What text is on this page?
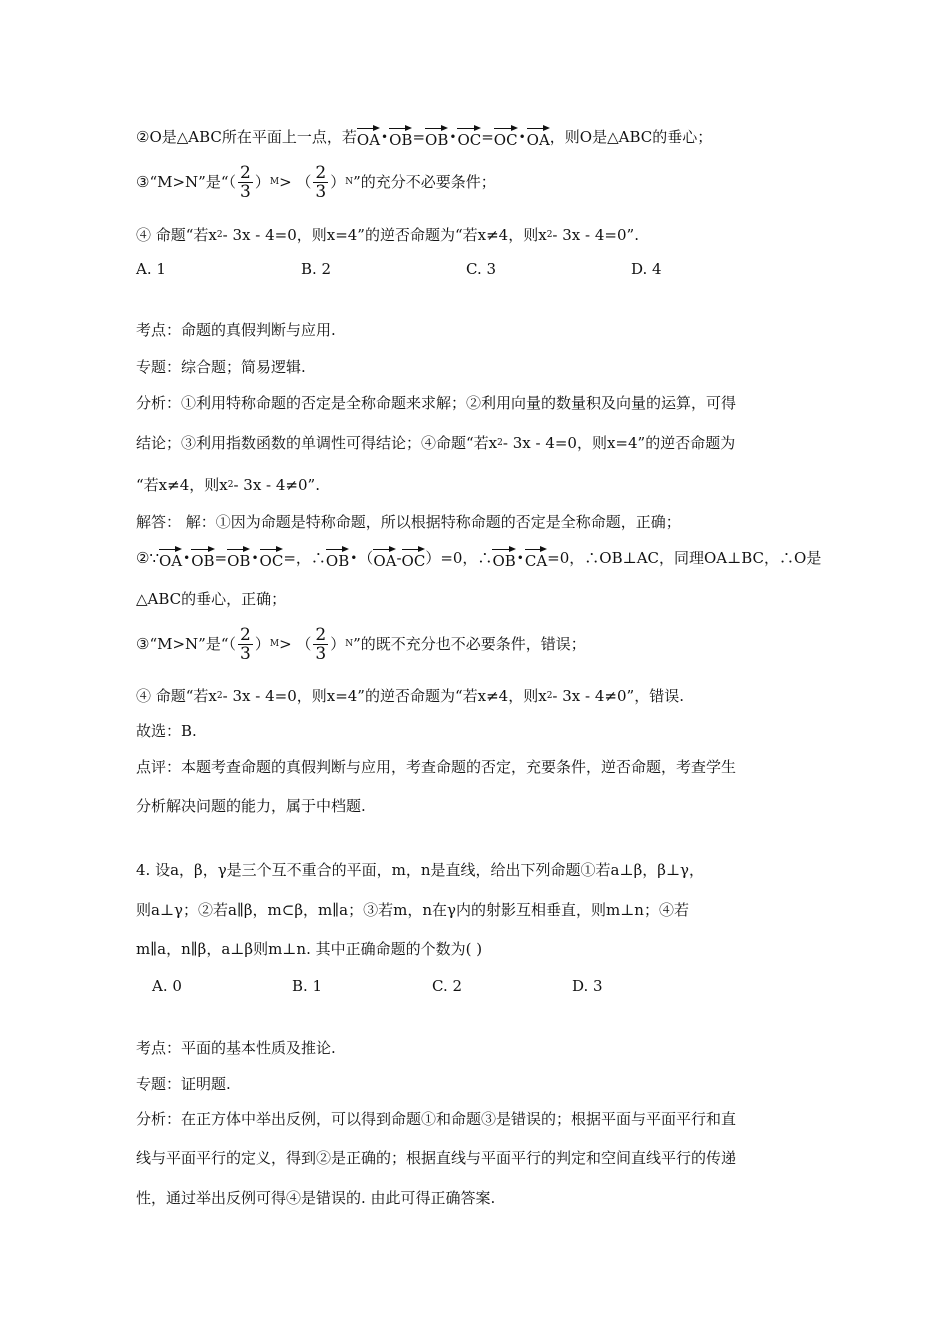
②O是△ABC所在平面上一点，若 OA • OB = OB • OC = OC • OA ，则O是△ABC的垂心；
③“M>N”是“（ $\frac{2}{3}$ ） M > （ $\frac{2}{3}$ ） N ”的充分不必要条件；
④ 命题“若x 2 - 3x - 4=0，则x=4”的逆否命题为“若x≠4，则x 2 - 3x - 4=0”.
A. 1	B. 2	C. 3	D. 4
考点：命题的真假判断与应用.
专题：综合题；简易逻辑.
分析：①利用特称命题的否定是全称命题来求解；②利用向量的数量积及向量的运算，可得
结论；③利用指数函数的单调性可得结论；④命题“若x 2 - 3x - 4=0，则x=4”的逆否命题为
“若x≠4，则x 2 - 3x - 4≠0”.
解答： 解：①因为命题是特称命题，所以根据特称命题的否定是全称命题，正确；
②∵ OA • OB = OB • OC =，∴ OB • （ OA - OC ）=0，∴ OB • CA =0，∴OB⊥AC，同理OA⊥BC，∴O是
△ABC的垂心，正确；
③“M>N”是“（ $\frac{2}{3}$ ） M > （ $\frac{2}{3}$ ） N ”的既不充分也不必要条件，错误；
④ 命题“若x 2 - 3x - 4=0，则x=4”的逆否命题为“若x≠4，则x 2 - 3x - 4≠0”，错误.
故选：B.
点评：本题考查命题的真假判断与应用，考查命题的否定，充要条件，逆否命题，考查学生
分析解决问题的能力，属于中档题.
4. 设a，β，γ是三个互不重合的平面，m，n是直线，给出下列命题①若a⊥β，β⊥γ，
则a⊥γ；②若a∥β，m⊂β，m∥a；③若m，n在γ内的射影互相垂直，则m⊥n；④若
m∥a，n∥β，a⊥β则m⊥n. 其中正确命题的个数为( )
A. 0	B. 1	C. 2	D. 3
考点：平面的基本性质及推论.
专题：证明题.
分析：在正方体中举出反例，可以得到命题①和命题③是错误的；根据平面与平面平行和直
线与平面平行的定义，得到②是正确的；根据直线与平面平行的判定和空间直线平行的传递
性，通过举出反例可得④是错误的. 由此可得正确答案.
